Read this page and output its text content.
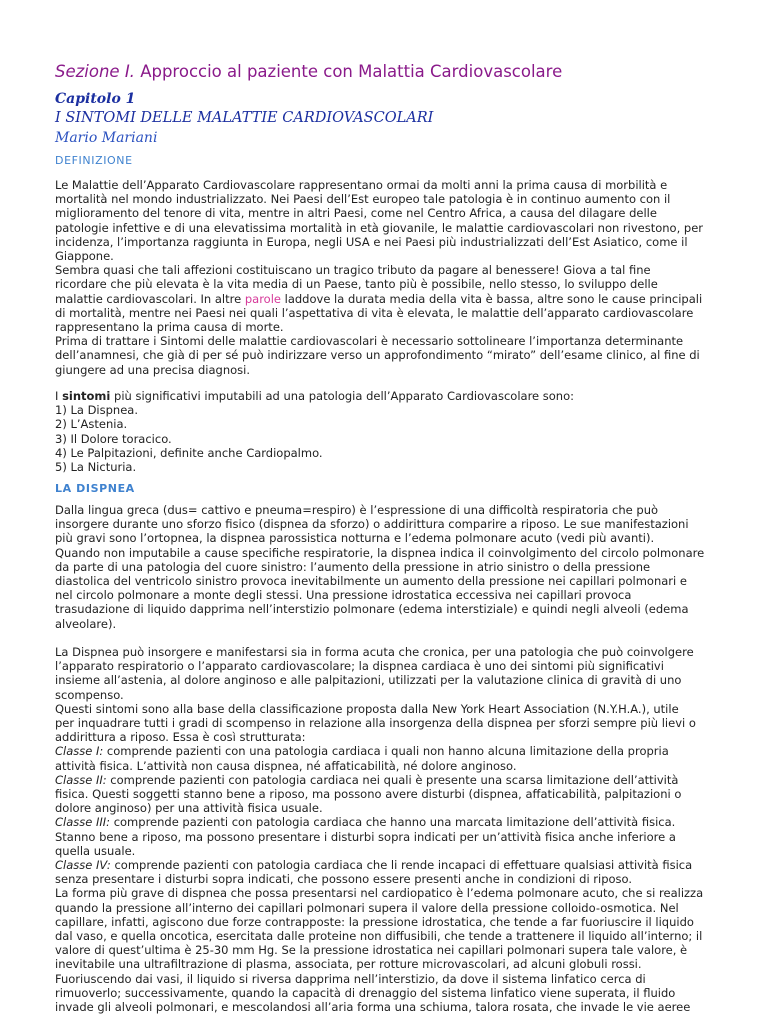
Sezione I. Approccio al paziente con Malattia Cardiovascolare
Capitolo 1
I SINTOMI DELLE MALATTIE CARDIOVASCOLARI
Mario Mariani
DEFINIZIONE

Le Malattie dell’Apparato Cardiovascolare rappresentano ormai da molti anni la prima causa di morbilità e

mortalità nel mondo industrializzato. Nei Paesi dell’Est europeo tale patologia è in continuo aumento con il

miglioramento del tenore di vita, mentre in altri Paesi, come nel Centro Africa, a causa del dilagare delle

patologie infettive e di una elevatissima mortalità in età giovanile, le malattie cardiovascolari non rivestono, per

incidenza, l’importanza raggiunta in Europa, negli USA e nei Paesi più industrializzati dell’Est Asiatico, come il

Giappone.

Sembra quasi che tali affezioni costituiscano un tragico tributo da pagare al benessere! Giova a tal fine

ricordare che più elevata è la vita media di un Paese, tanto più è possibile, nello stesso, lo sviluppo delle

malattie cardiovascolari. In altre parole laddove la durata media della vita è bassa, altre sono le cause principali

di mortalità, mentre nei Paesi nei quali l’aspettativa di vita è elevata, le malattie dell’apparato cardiovascolare

rappresentano la prima causa di morte.

Prima di trattare i Sintomi delle malattie cardiovascolari è necessario sottolineare l’importanza determinante

dell’anamnesi, che già di per sé può indirizzare verso un approfondimento “mirato” dell’esame clinico, al fine di

giungere ad una precisa diagnosi.

I sintomi più significativi imputabili ad una patologia dell’Apparato Cardiovascolare sono:

1) La Dispnea.

2) L’Astenia.

3) Il Dolore toracico.

4) Le Palpitazioni, definite anche Cardiopalmo.

5) La Nicturia.

LA DISPNEA

Dalla lingua greca (dus= cattivo e pneuma=respiro) è l’espressione di una difficoltà respiratoria che può

insorgere durante uno sforzo fisico (dispnea da sforzo) o addirittura comparire a riposo. Le sue manifestazioni

più gravi sono l’ortopnea, la dispnea parossistica notturna e l’edema polmonare acuto (vedi più avanti).

Quando non imputabile a cause specifiche respiratorie, la dispnea indica il coinvolgimento del circolo polmonare

da parte di una patologia del cuore sinistro: l’aumento della pressione in atrio sinistro o della pressione

diastolica del ventricolo sinistro provoca inevitabilmente un aumento della pressione nei capillari polmonari e

nel circolo polmonare a monte degli stessi. Una pressione idrostatica eccessiva nei capillari provoca

trasudazione di liquido dapprima nell’interstizio polmonare (edema interstiziale) e quindi negli alveoli (edema

alveolare).

La Dispnea può insorgere e manifestarsi sia in forma acuta che cronica, per una patologia che può coinvolgere

l’apparato respiratorio o l’apparato cardiovascolare; la dispnea cardiaca è uno dei sintomi più significativi

insieme all’astenia, al dolore anginoso e alle palpitazioni, utilizzati per la valutazione clinica di gravità di uno

scompenso.

Questi sintomi sono alla base della classificazione proposta dalla New York Heart Association (N.Y.H.A.), utile

per inquadrare tutti i gradi di scompenso in relazione alla insorgenza della dispnea per sforzi sempre più lievi o

addirittura a riposo. Essa è così strutturata:

Classe I: comprende pazienti con una patologia cardiaca i quali non hanno alcuna limitazione della propria

attività fisica. L’attività non causa dispnea, né affaticabilità, né dolore anginoso.

Classe II: comprende pazienti con patologia cardiaca nei quali è presente una scarsa limitazione dell’attività

fisica. Questi soggetti stanno bene a riposo, ma possono avere disturbi (dispnea, affaticabilità, palpitazioni o

dolore anginoso) per una attività fisica usuale.

Classe III: comprende pazienti con patologia cardiaca che hanno una marcata limitazione dell’attività fisica.

Stanno bene a riposo, ma possono presentare i disturbi sopra indicati per un’attività fisica anche inferiore a

quella usuale.

Classe IV: comprende pazienti con patologia cardiaca che li rende incapaci di effettuare qualsiasi attività fisica

senza presentare i disturbi sopra indicati, che possono essere presenti anche in condizioni di riposo.

La forma più grave di dispnea che possa presentarsi nel cardiopatico è l’edema polmonare acuto, che si realizza

quando la pressione all’interno dei capillari polmonari supera il valore della pressione colloido-osmotica. Nel

capillare, infatti, agiscono due forze contrapposte: la pressione idrostatica, che tende a far fuoriuscire il liquido

dal vaso, e quella oncotica, esercitata dalle proteine non diffusibili, che tende a trattenere il liquido all’interno; il

valore di quest’ultima è 25-30 mm Hg. Se la pressione idrostatica nei capillari polmonari supera tale valore, è

inevitabile una ultrafiltrazione di plasma, associata, per rotture microvascolari, ad alcuni globuli rossi.

Fuoriuscendo dai vasi, il liquido si riversa dapprima nell’interstizio, da dove il sistema linfatico cerca di

rimuoverlo; successivamente, quando la capacità di drenaggio del sistema linfatico viene superata, il fluido

invade gli alveoli polmonari, e mescolandosi all’aria forma una schiuma, talora rosata, che invade le vie aeree
